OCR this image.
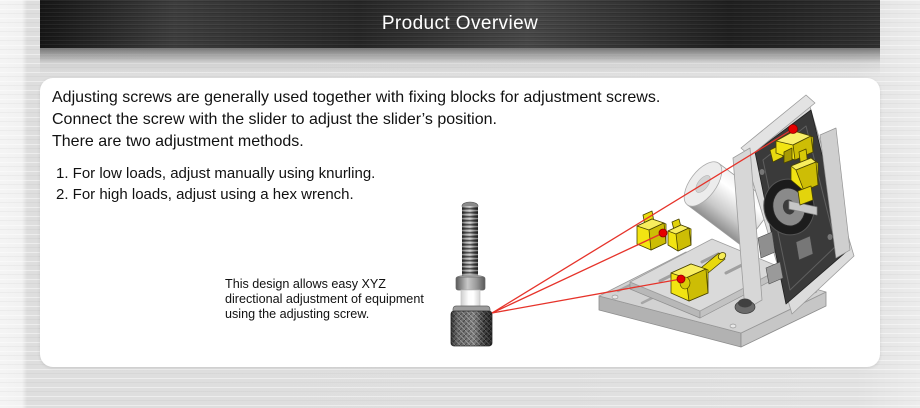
Product Overview
Adjusting screws are generally used together with fixing blocks for adjustment screws.
Connect the screw with the slider to adjust the slider’s position.
There are two adjustment methods.
1. For low loads, adjust manually using knurling.
2. For high loads, adjust using a hex wrench.
This design allows easy XYZ
directional adjustment of equipment
using the adjusting screw.
